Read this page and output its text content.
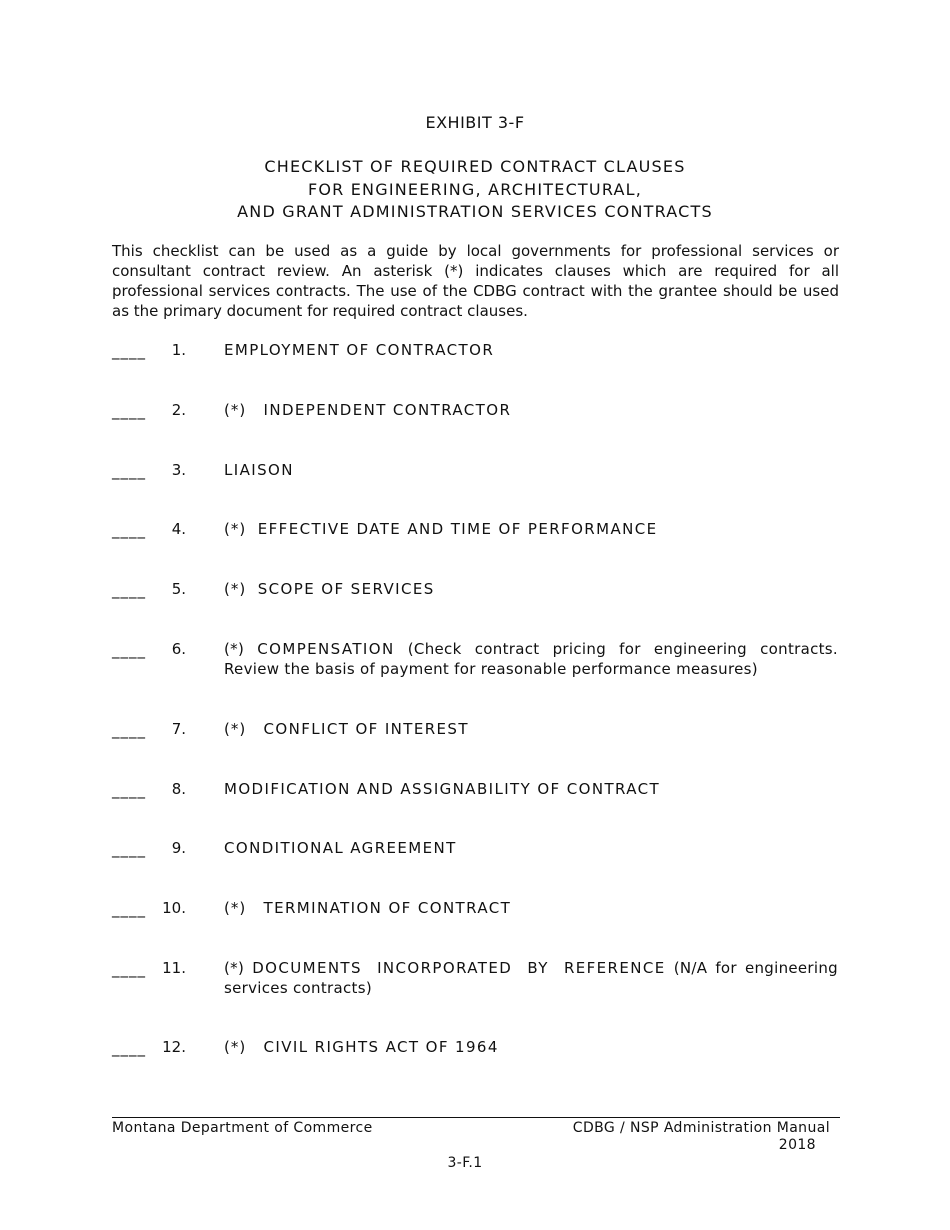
EXHIBIT 3-F
CHECKLIST OF REQUIRED CONTRACT CLAUSES
FOR ENGINEERING, ARCHITECTURAL,
AND GRANT ADMINISTRATION SERVICES CONTRACTS

This checklist can be used as a guide by local governments for professional services or consultant contract review. An asterisk (*) indicates clauses which are required for all professional services contracts. The use of the CDBG contract with the grantee should be used as the primary document for required contract clauses.

____	1.	EMPLOYMENT OF CONTRACTOR
____	2.	(*) INDEPENDENT CONTRACTOR
____	3.	LIAISON
____	4.	(*) EFFECTIVE DATE AND TIME OF PERFORMANCE
____	5.	(*) SCOPE OF SERVICES
____	6.	(*) COMPENSATION (Check contract pricing for engineering contracts. Review the basis of payment for reasonable performance measures)
____	7.	(*) CONFLICT OF INTEREST
____	8.	MODIFICATION AND ASSIGNABILITY OF CONTRACT
____	9.	CONDITIONAL AGREEMENT
____	10.	(*) TERMINATION OF CONTRACT
____	11.	(*) DOCUMENTS INCORPORATED BY REFERENCE (N/A for engineering services contracts)
____	12.	(*) CIVIL RIGHTS ACT OF 1964
Montana Department of Commerce	CDBG / NSP Administration Manual
2018
3-F.1
